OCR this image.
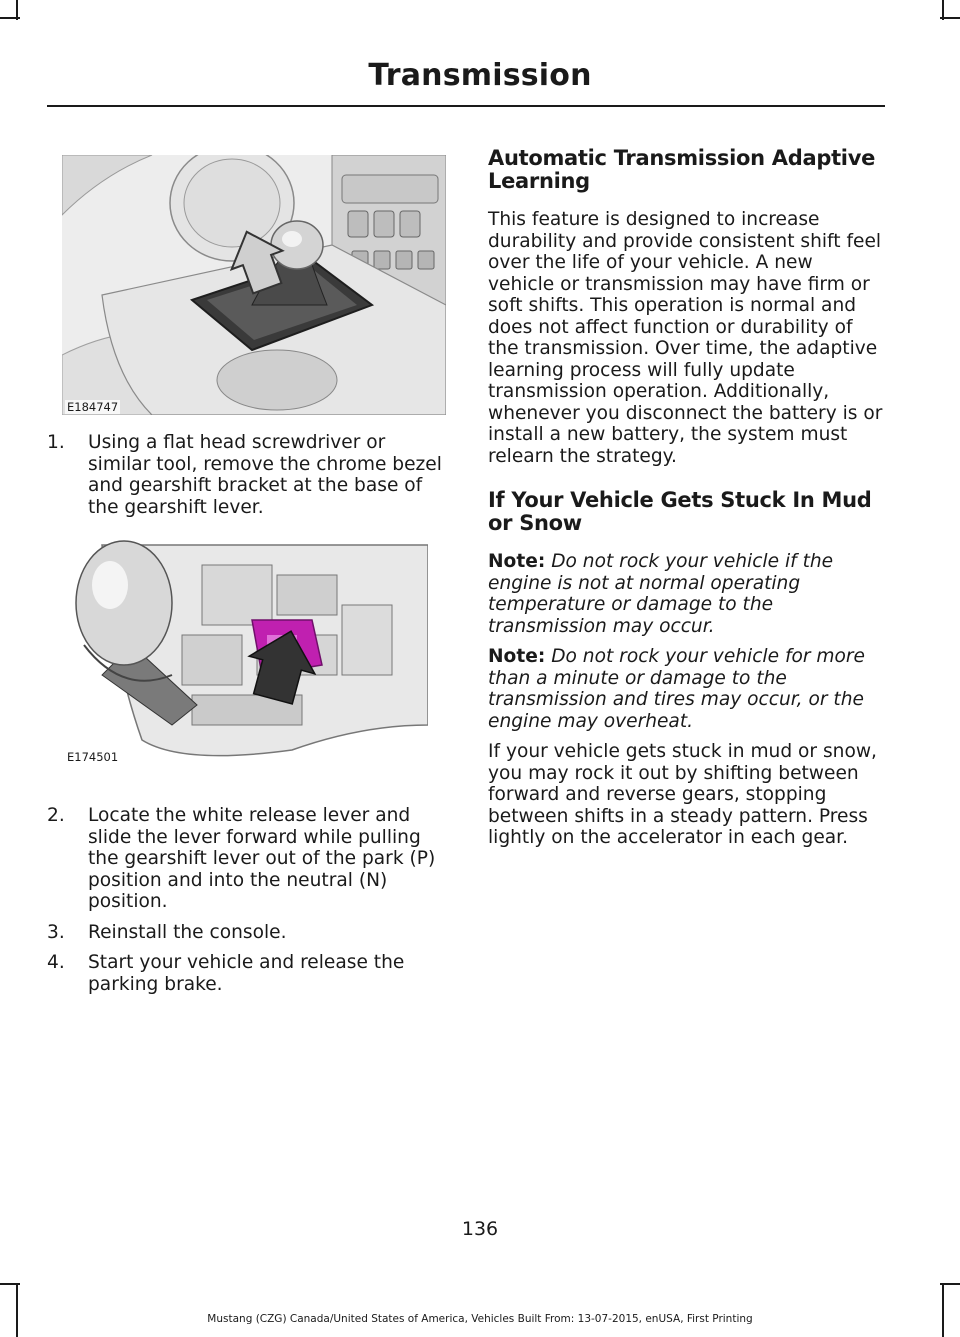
Transmission
E184747
1.	Using a flat head screwdriver or similar tool, remove the chrome bezel and gearshift bracket at the base of the gearshift lever.
E174501
2.	Locate the white release lever and slide the lever forward while pulling the gearshift lever out of the park (P) position and into the neutral (N) position.
3.	Reinstall the console.
4.	Start your vehicle and release the parking brake.
Automatic Transmission Adaptive Learning

This feature is designed to increase durability and provide consistent shift feel over the life of your vehicle. A new vehicle or transmission may have firm or soft shifts. This operation is normal and does not affect function or durability of the transmission. Over time, the adaptive learning process will fully update transmission operation. Additionally, whenever you disconnect the battery is or install a new battery, the system must relearn the strategy.

If Your Vehicle Gets Stuck In Mud or Snow

Note: Do not rock your vehicle if the engine is not at normal operating temperature or damage to the transmission may occur.

Note: Do not rock your vehicle for more than a minute or damage to the transmission and tires may occur, or the engine may overheat.

If your vehicle gets stuck in mud or snow, you may rock it out by shifting between forward and reverse gears, stopping between shifts in a steady pattern. Press lightly on the accelerator in each gear.

136
Mustang (CZG) Canada/United States of America, Vehicles Built From: 13-07-2015, enUSA, First Printing
